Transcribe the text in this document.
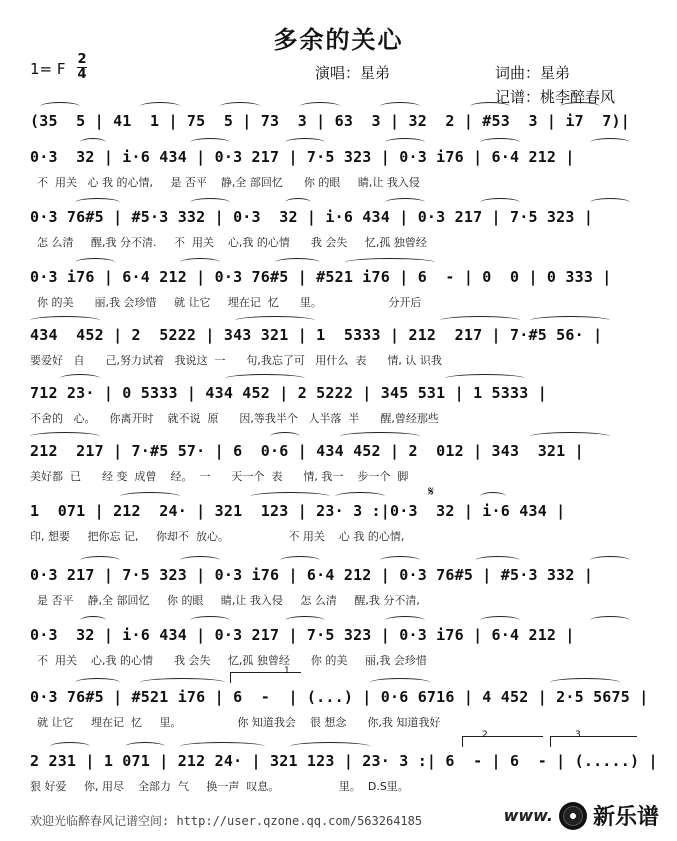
多余的关心
1= F
2
4	演唱：星弟	词曲：星弟
记谱：桃李醉春风
(35  5 | 41  1 | 75  5 | 73  3 | 63  3 | 32  2 | #53  3 | i7  7)|
0·3  32 | i·6 434 | 0·3 217 | 7·5 323 | 0·3 i76 | 6·4 212 |
不  用关   心 我 的心情,     是 否平    静,全 部回忆      你 的眼     睛,让 我入侵
0·3 76#5 | #5·3 332 | 0·3  32 | i·6 434 | 0·3 217 | 7·5 323 |
怎 么清     醒,我 分不清.     不  用关    心,我 的心情      我 会失     忆,孤 独曾经
0·3 i76 | 6·4 212 | 0·3 76#5 | #521 i76 | 6  - | 0  0 | 0 333 |
你 的美      丽,我 会珍惜     就 让它     埋在记  忆      里。                   分开后
434  452 | 2  5222 | 343 321 | 1  5333 | 212  217 | 7·#5 56· |
要爱好   自      己,努力试着   我说这  一      句,我忘了可   用什么  表      情, 认 识我
712 23· | 0 5333 | 434 452 | 2 5222 | 345 531 | 1 5333 |
不舍的   心。    你离开时    就不说  原      因,等我半个   人半落  半      醒,曾经那些
212  217 | 7·#5 57· | 6  0·6 | 434 452 | 2  012 | 343  321 |
美好都  已      经 变  成曾    经。  一      天一个  表      情, 我一    步一个  脚
1  071 | 212  24· | 321  123 | 23· 3 :|0·3  32 | i·6 434 |
印, 想要     把你忘 记,     你却不  放心。                 不 用关    心 我 的心情,
𝄋
0·3 217 | 7·5 323 | 0·3 i76 | 6·4 212 | 0·3 76#5 | #5·3 332 |
是 否平    静,全 部回忆     你 的眼     睛,让 我入侵     怎 么清     醒,我 分不清,
0·3  32 | i·6 434 | 0·3 217 | 7·5 323 | 0·3 i76 | 6·4 212 |
不  用关    心,我 的心情      我 会失     忆,孤 独曾经      你 的美     丽,我 会珍惜
0·3 76#5 | #521 i76 | 6  -  | (...) | 0·6 6716 | 4 452 | 2·5 5675 |
就 让它     埋在记  忆     里。                你 知道我会    很 想念      你,我 知道我好
1
2 231 | 1 071 | 212 24· | 321 123 | 23· 3 :| 6  - | 6  - | (.....) |
狠 好爱     你, 用尽    全部力  气     换一声  叹息。                 里。  D.S里。
2	3
欢迎光临醉春风记谱空间: http://user.qzone.qq.com/563264185	www. 新乐谱
